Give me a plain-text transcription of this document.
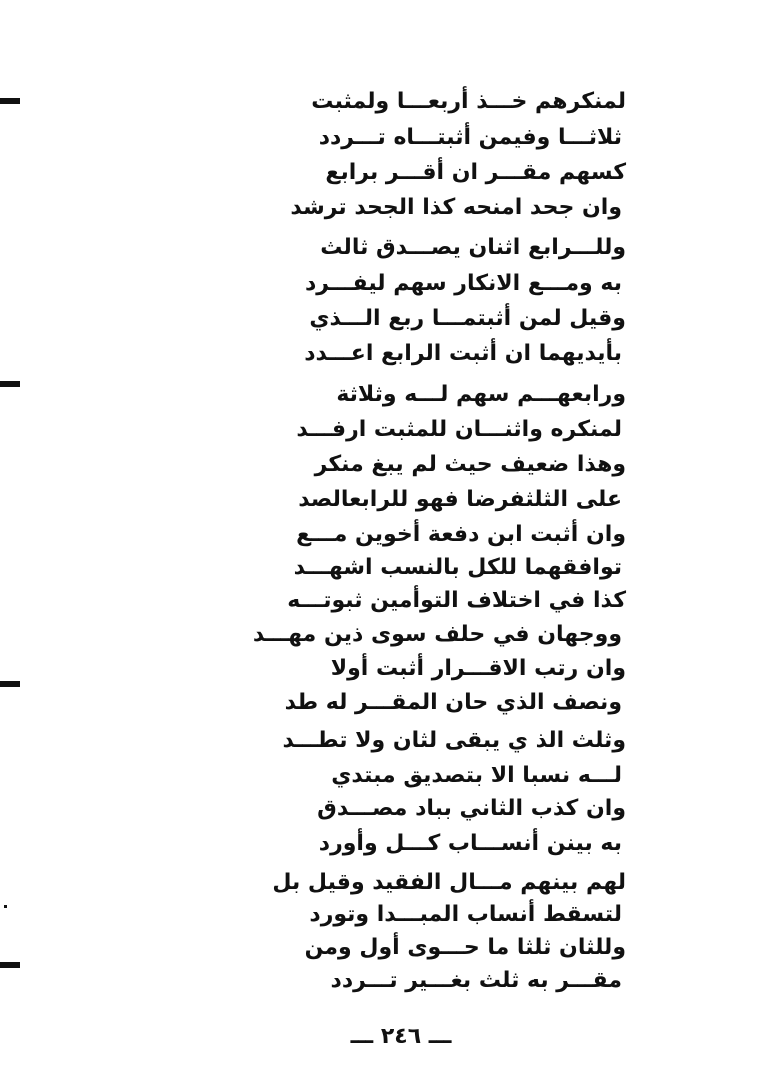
لمنكرهم خـــذ أربعـــا ولمثبت
ثلاثـــا وفيمن أثبتـــاه تـــردد
كسهم مقـــر ان أقـــر برابع
وان جحد امنحه كذا الجحد ترشد
وللـــرابع اثنان يصـــدق ثالث
به ومـــع الانكار سهم ليفـــرد
وقيل لمن أثبتمـــا ربع الـــذي
بأيديهما ان أثبت الرابع اعـــدد
ورابعهـــم سهم لـــه وثلاثة
لمنكره واثنـــان للمثبت ارفـــد
وهذا ضعيف حيث لم يبغ منكر
على الثلثفرضا فهو للرابعالصد
وان أثبت ابن دفعة أخوين مـــع
توافقهما للكل بالنسب اشهـــد
كذا في اختلاف التوأمين ثبوتـــه
ووجهان في حلف سوى ذين مهـــد
وان رتب الاقـــرار أثبت أولا
ونصف الذي حان المقـــر له طد
وثلث الذ ي يبقى لثان ولا تطـــد
لـــه نسبا الا بتصديق مبتدي
وان كذب الثاني بباد مصـــدق
به بينن أنســـاب كـــل وأورد
لهم بينهم مـــال الفقيد وقيل بل
لتسقط أنساب المبـــدا وتورد
وللثان ثلثا ما حـــوى أول ومن
مقـــر به ثلث بغـــير تـــردد
ـــ ٢٤٦ ـــ
